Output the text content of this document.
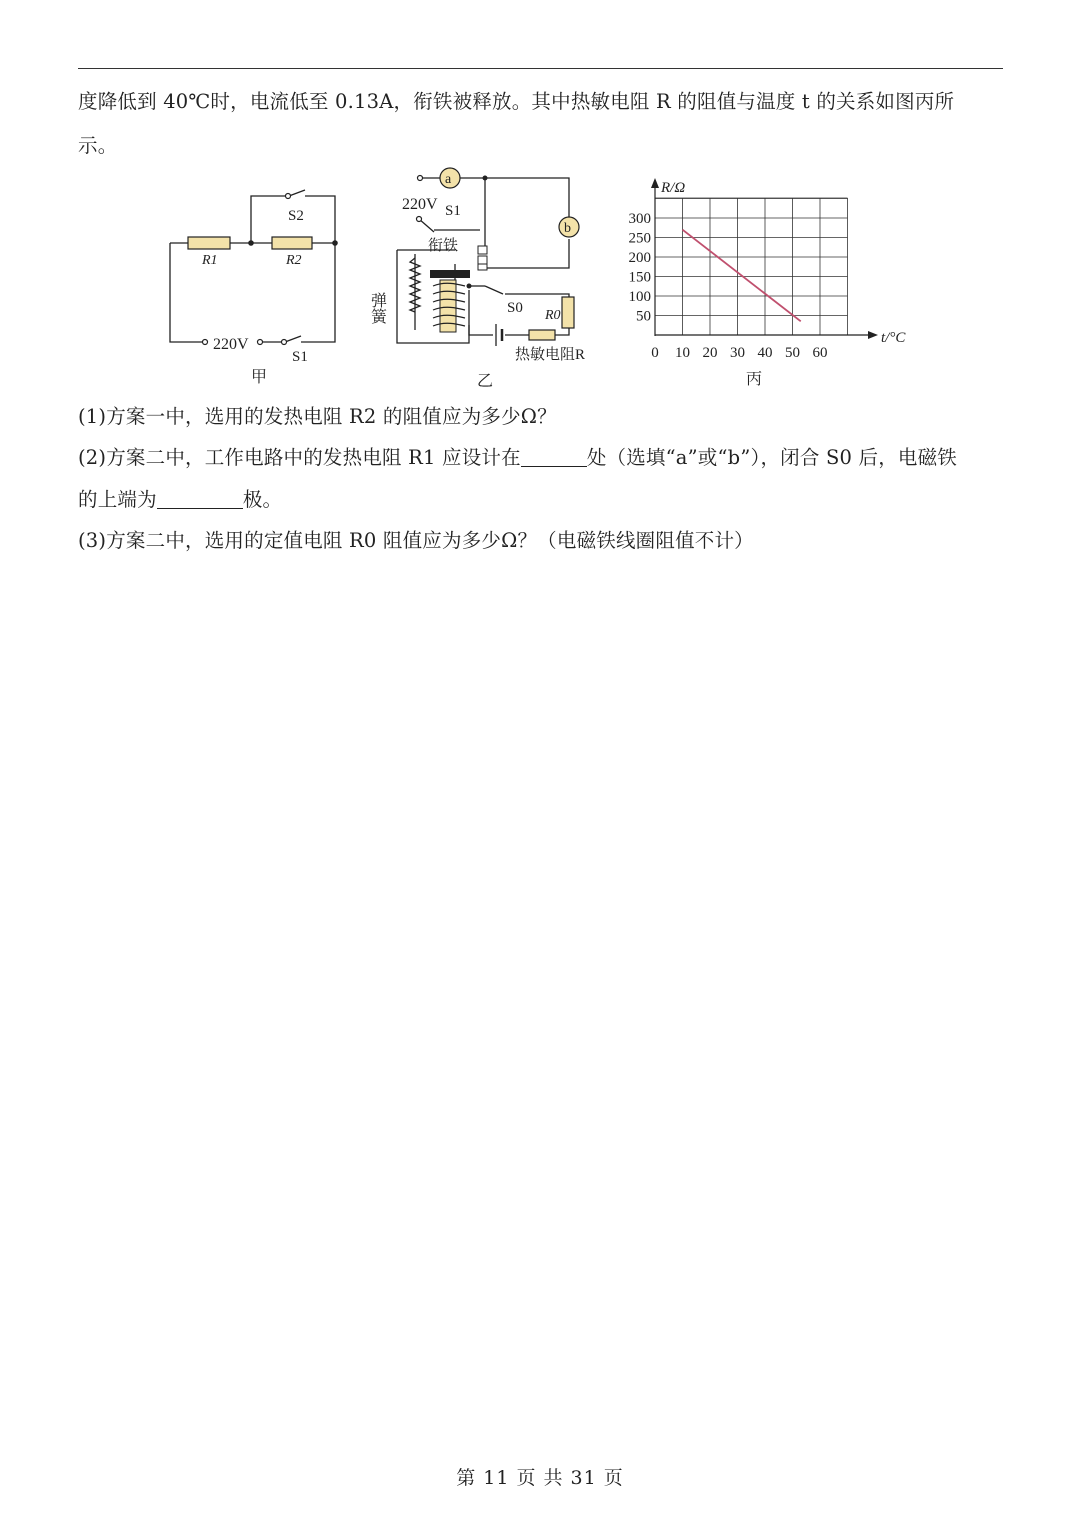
度降低到 40℃时，电流低至 0.13A，衔铁被释放。其中热敏电阻 R 的阻值与温度 t 的关系如图丙所
示。
S2
R1	R2
220V
S1
甲
a
b
220V S1
衔铁
弹簧	S0 R0
热敏电阻R
乙
0 10 20 30 40 50 60
50
100
150
200
250
300
R/Ω
t/°C
丙
(1)方案一中，选用的发热电阻 R2 的阻值应为多少Ω？
(2)方案二中，工作电路中的发热电阻 R1 应设计在	处（选填“a”或“b”），闭合 S0 后，电磁铁
的上端为	极。
(3)方案二中，选用的定值电阻 R0 阻值应为多少Ω？（电磁铁线圈阻值不计）
第 11 页 共 31 页
